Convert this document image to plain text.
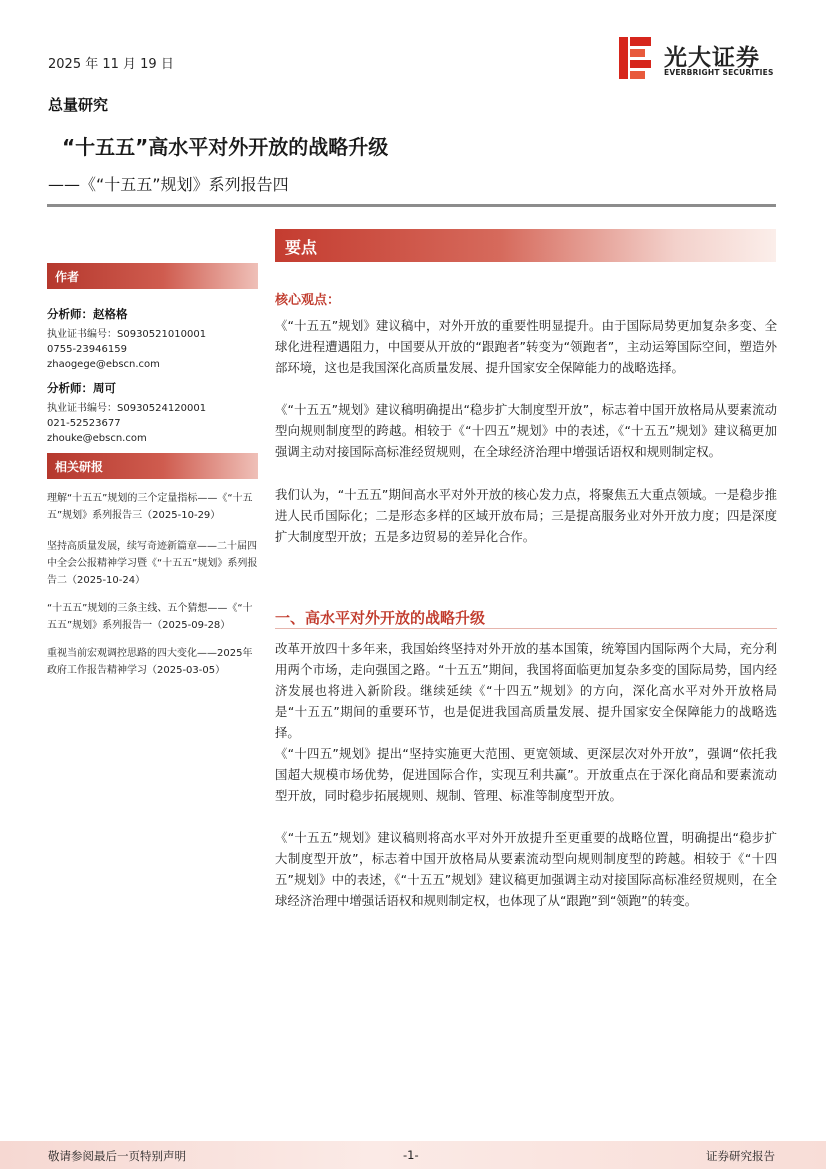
2025 年 11 月 19 日	光大证券
EVERBRIGHT SECURITIES
总量研究
“十五五”高水平对外开放的战略升级
——《“十五五”规划》系列报告四
作者
分析师：赵格格
执业证书编号：S0930521010001
0755-23946159
zhaogege@ebscn.com
分析师：周可
执业证书编号：S0930524120001
021-52523677
zhouke@ebscn.com
相关研报
理解“十五五”规划的三个定量指标——《“十五五”规划》系列报告三（2025-10-29）
坚持高质量发展，续写奇迹新篇章——二十届四中全会公报精神学习暨《“十五五”规划》系列报告二（2025-10-24）
“十五五”规划的三条主线、五个猜想——《“十五五”规划》系列报告一（2025-09-28）
重视当前宏观调控思路的四大变化——2025年政府工作报告精神学习（2025-03-05）
要点
核心观点：

《“十五五”规划》建议稿中，对外开放的重要性明显提升。由于国际局势更加复杂多变、全球化进程遭遇阻力，中国要从开放的“跟跑者”转变为“领跑者”，主动运筹国际空间，塑造外部环境，这也是我国深化高质量发展、提升国家安全保障能力的战略选择。

《“十五五”规划》建议稿明确提出“稳步扩大制度型开放”，标志着中国开放格局从要素流动型向规则制度型的跨越。相较于《“十四五”规划》中的表述，《“十五五”规划》建议稿更加强调主动对接国际高标准经贸规则，在全球经济治理中增强话语权和规则制定权。

我们认为，“十五五”期间高水平对外开放的核心发力点，将聚焦五大重点领域。一是稳步推进人民币国际化；二是形态多样的区域开放布局；三是提高服务业对外开放力度；四是深度扩大制度型开放；五是多边贸易的差异化合作。

一、高水平对外开放的战略升级

改革开放四十多年来，我国始终坚持对外开放的基本国策，统筹国内国际两个大局，充分利用两个市场，走向强国之路。“十五五”期间，我国将面临更加复杂多变的国际局势，国内经济发展也将进入新阶段。继续延续《“十四五”规划》的方向，深化高水平对外开放格局是“十五五”期间的重要环节，也是促进我国高质量发展、提升国家安全保障能力的战略选择。

《“十四五”规划》提出“坚持实施更大范围、更宽领域、更深层次对外开放”，强调“依托我国超大规模市场优势，促进国际合作，实现互利共赢”。开放重点在于深化商品和要素流动型开放，同时稳步拓展规则、规制、管理、标准等制度型开放。

《“十五五”规划》建议稿则将高水平对外开放提升至更重要的战略位置，明确提出“稳步扩大制度型开放”，标志着中国开放格局从要素流动型向规则制度型的跨越。相较于《“十四五”规划》中的表述，《“十五五”规划》建议稿更加强调主动对接国际高标准经贸规则，在全球经济治理中增强话语权和规则制定权，也体现了从“跟跑”到“领跑”的转变。

敬请参阅最后一页特别声明	-1-	证券研究报告
